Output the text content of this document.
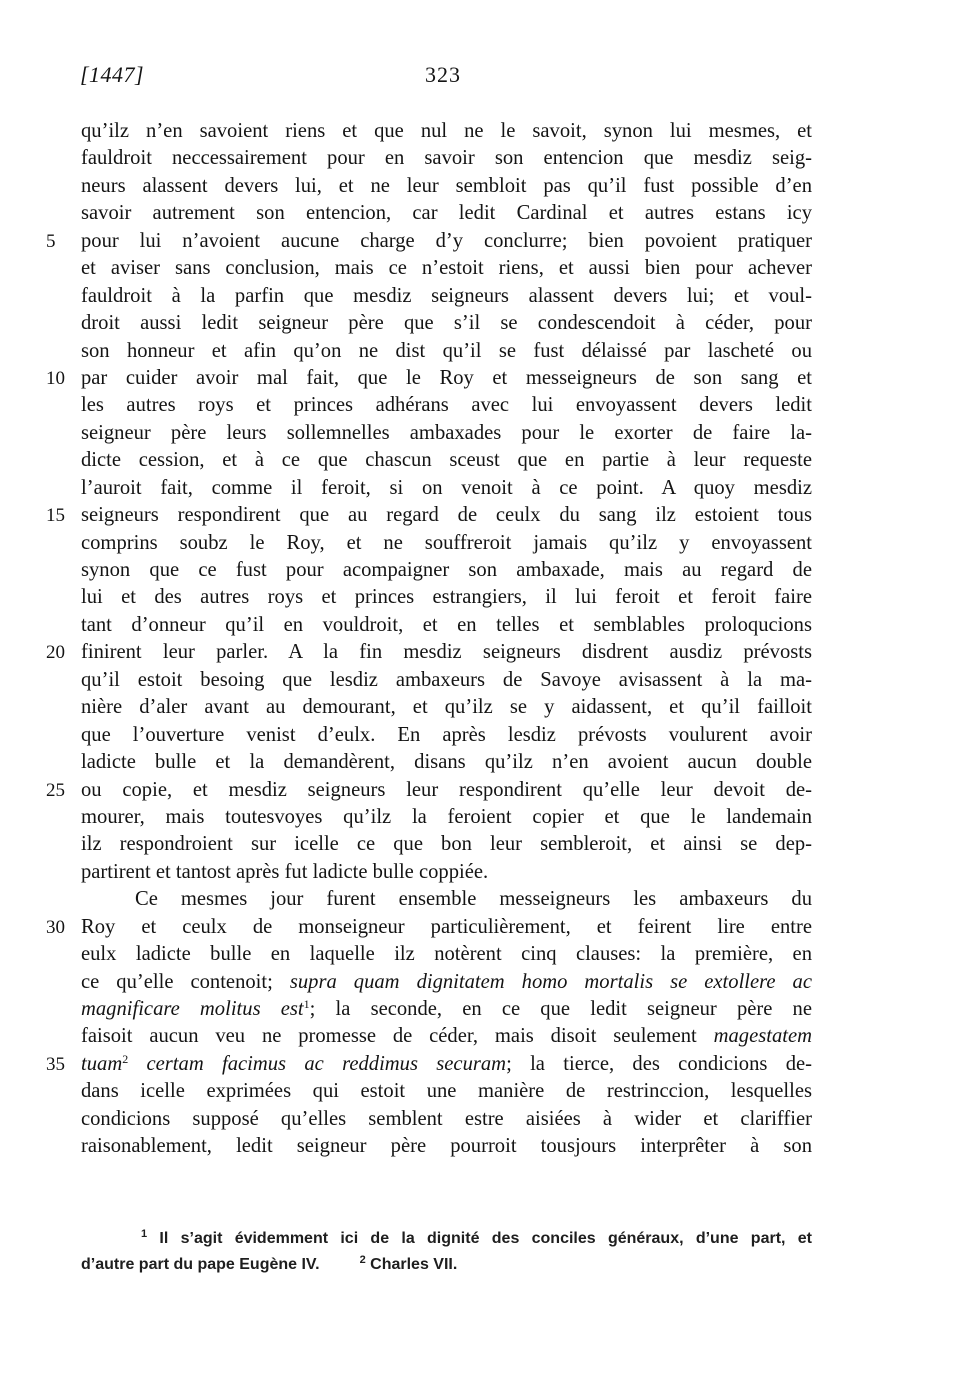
[1447]	323
qu’ilz n’en savoient riens et que nul ne le savoit, synon lui mesmes, et
fauldroit neccessairement pour en savoir son entencion que mesdiz seig-
neurs alassent devers lui, et ne leur sembloit pas qu’il fust possible d’en
savoir autrement son entencion, car ledit Cardinal et autres estans icy
5	pour lui n’avoient aucune charge d’y conclurre; bien povoient pratiquer
et aviser sans conclusion, mais ce n’estoit riens, et aussi bien pour achever
fauldroit à la parfin que mesdiz seigneurs alassent devers lui; et voul-
droit aussi ledit seigneur père que s’il se condescendoit à céder, pour
son honneur et afin qu’on ne dist qu’il se fust délaissé par lascheté ou
10 par cuider avoir mal fait, que le Roy et messeigneurs de son sang et
les autres roys et princes adhérans avec lui envoyassent devers ledit
seigneur père leurs sollemnelles ambaxades pour le exorter de faire la-
dicte cession, et à ce que chascun sceust que en partie à leur requeste
l’auroit fait, comme il feroit, si on venoit à ce point. A quoy mesdiz
15 seigneurs respondirent que au regard de ceulx du sang ilz estoient tous
comprins soubz le Roy, et ne souffreroit jamais qu’ilz y envoyassent
synon que ce fust pour acompaigner son ambaxade, mais au regard de
lui et des autres roys et princes estrangiers, il lui feroit et feroit faire
tant d’onneur qu’il en vouldroit, et en telles et semblables proloqucions
20 finirent leur parler. A la fin mesdiz seigneurs disdrent ausdiz prévosts
qu’il estoit besoing que lesdiz ambaxeurs de Savoye avisassent à la ma-
nière d’aler avant au demourant, et qu’ilz se y aidassent, et qu’il failloit
que l’ouverture venist d’eulx. En après lesdiz prévosts voulurent avoir
ladicte bulle et la demandèrent, disans qu’ilz n’en avoient aucun double
25 ou copie, et mesdiz seigneurs leur respondirent qu’elle leur devoit de-
mourer, mais toutesvoyes qu’ilz la feroient copier et que le landemain
ilz respondroient sur icelle ce que bon leur sembleroit, et ainsi se dep-
partirent et tantost après fut ladicte bulle coppiée.
Ce mesmes jour furent ensemble messeigneurs les ambaxeurs du
30 Roy et ceulx de monseigneur particulièrement, et feirent lire entre
eulx ladicte bulle en laquelle ilz notèrent cinq clauses: la première, en
ce qu’elle contenoit; supra quam dignitatem homo mortalis se extollere ac
magnificare molitus est$^1$; la seconde, en ce que ledit seigneur père ne
faisoit aucun veu ne promesse de céder, mais disoit seulement magestatem
35 tuam$^2$ certam facimus ac reddimus securam; la tierce, des condicions de-
dans icelle exprimées qui estoit une manière de restrinccion, lesquelles
condicions supposé qu’elles semblent estre aisiées à wider et clariffier
raisonablement, ledit seigneur père pourroit tousjours interprêter à son
$^1$ Il s’agit évidemment ici de la dignité des conciles généraux, d’une part, et
d’autre part du pape Eugène IV.	$^2$ Charles VII.
